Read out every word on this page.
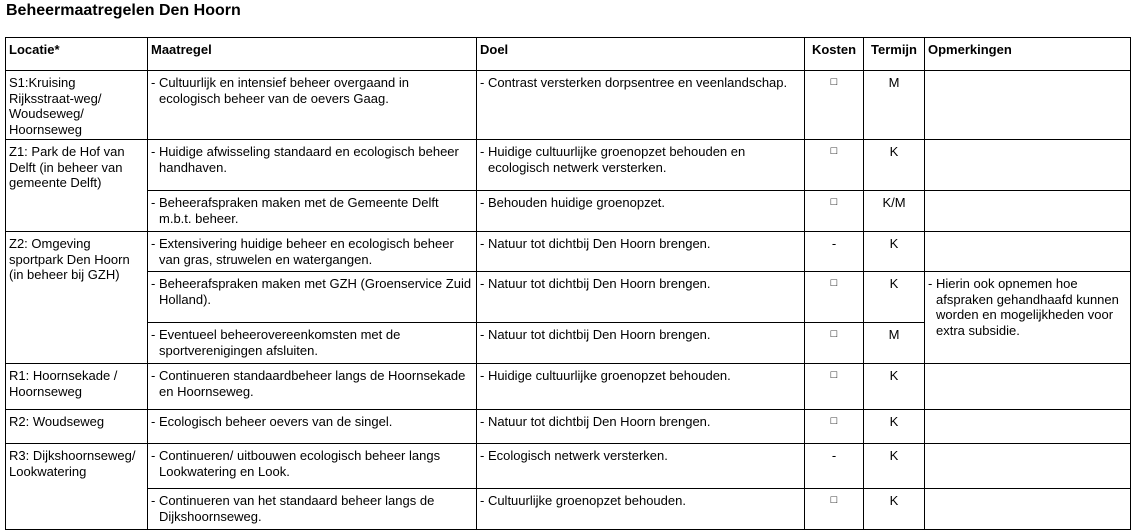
Beheermaatregelen Den Hoorn
Locatie*	Maatregel	Doel	Kosten	Termijn	Opmerkingen
S1:Kruising Rijksstraat-weg/ Woudseweg/ Hoornseweg	- Cultuurlijk en intensief beheer overgaand in ecologisch beheer van de oevers Gaag.	- Contrast versterken dorpsentree en veenlandschap.	□	M	
Z1: Park de Hof van Delft (in beheer van gemeente Delft)	- Huidige afwisseling standaard en ecologisch beheer handhaven.	- Huidige cultuurlijke groenopzet behouden en ecologisch netwerk versterken.	□	K	

	- Beheerafspraken maken met de Gemeente Delft m.b.t. beheer.	- Behouden huidige groenopzet.	□	K/M	
Z2: Omgeving sportpark Den Hoorn (in beheer bij GZH)	- Extensivering huidige beheer en ecologisch beheer van gras, struwelen en watergangen.	- Natuur tot dichtbij Den Hoorn brengen.	-	K	

	- Beheerafspraken maken met GZH (Groenservice Zuid Holland).	- Natuur tot dichtbij Den Hoorn brengen.	□	K	- Hierin ook opnemen hoe afspraken gehandhaafd kunnen worden en mogelijkheden voor extra subsidie.

	- Eventueel beheerovereenkomsten met de sportverenigingen afsluiten.	- Natuur tot dichtbij Den Hoorn brengen.	□	M	
R1: Hoornsekade / Hoornseweg	- Continueren standaardbeheer langs de Hoornsekade en Hoornseweg.	- Huidige cultuurlijke groenopzet behouden.	□	K	
R2: Woudseweg	- Ecologisch beheer oevers van de singel.	- Natuur tot dichtbij Den Hoorn brengen.	□	K	
R3: Dijkshoornseweg/ Lookwatering	- Continueren/ uitbouwen ecologisch beheer langs Lookwatering en Look.	- Ecologisch netwerk versterken.	-	K	

	- Continueren van het standaard beheer langs de Dijkshoornseweg.	- Cultuurlijke groenopzet behouden.	□	K	
